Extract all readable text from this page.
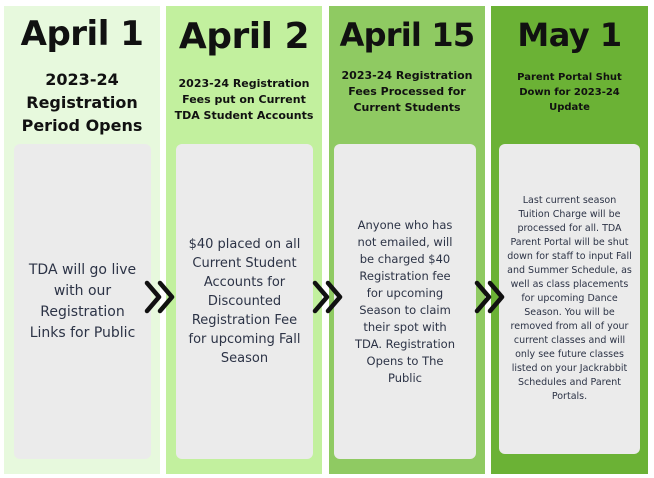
April 1
2023-24 Registration Period Opens
TDA will go live with our Registration Links for Public
April 2
2023-24 Registration Fees put on Current TDA Student Accounts
$40 placed on all Current Student Accounts for Discounted Registration Fee for upcoming Fall Season
April 15
2023-24 Registration Fees Processed for Current Students
Anyone who has not emailed, will be charged $40 Registration fee for upcoming Season to claim their spot with TDA. Registration Opens to The Public
May 1
Parent Portal Shut Down for 2023-24 Update
Last current season Tuition Charge will be processed for all. TDA Parent Portal will be shut down for staff to input Fall and Summer Schedule, as well as class placements for upcoming Dance Season. You will be removed from all of your current classes and will only see future classes listed on your Jackrabbit Schedules and Parent Portals.
